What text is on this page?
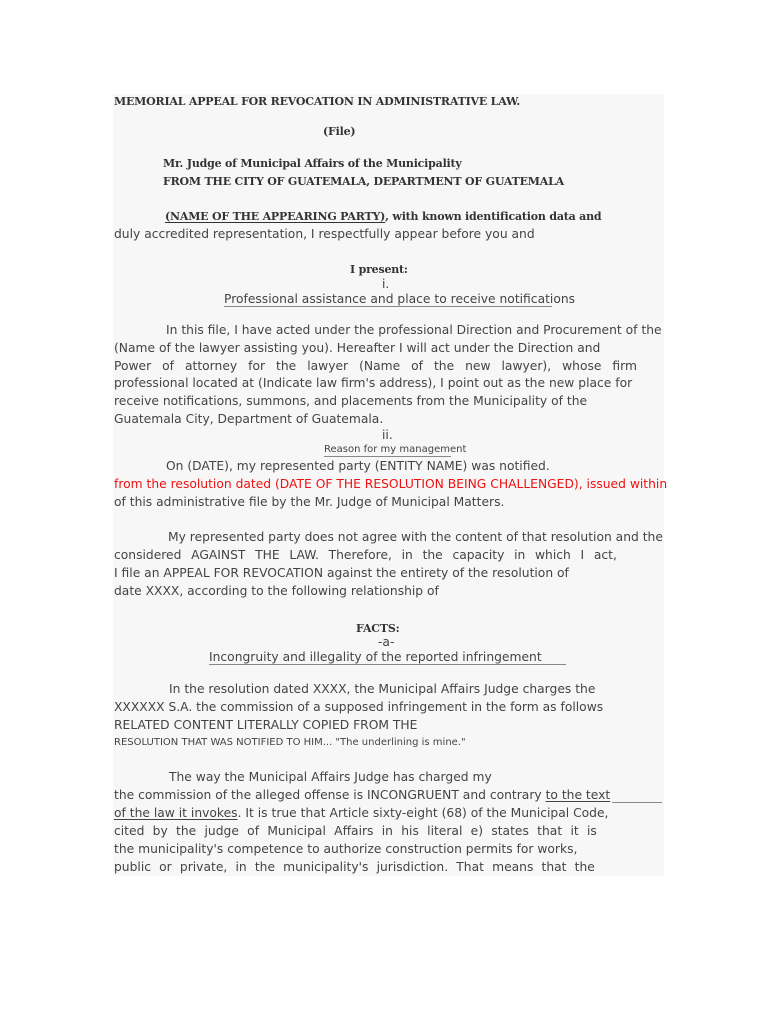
MEMORIAL APPEAL FOR REVOCATION IN ADMINISTRATIVE LAW.
(File)
Mr. Judge of Municipal Affairs of the Municipality
FROM THE CITY OF GUATEMALA, DEPARTMENT OF GUATEMALA
(NAME OF THE APPEARING PARTY), with known identification data and
duly accredited representation, I respectfully appear before you and
I present:
i.
Professional assistance and place to receive notifications
In this file, I have acted under the professional Direction and Procurement of the
(Name of the lawyer assisting you). Hereafter I will act under the Direction and
Power of attorney for the lawyer (Name of the new lawyer), whose firm
professional located at (Indicate law firm's address), I point out as the new place for
receive notifications, summons, and placements from the Municipality of the
Guatemala City, Department of Guatemala.
ii.
Reason for my management
On (DATE), my represented party (ENTITY NAME) was notified.
from the resolution dated (DATE OF THE RESOLUTION BEING CHALLENGED), issued within
of this administrative file by the Mr. Judge of Municipal Matters.
My represented party does not agree with the content of that resolution and the
considered AGAINST THE LAW. Therefore, in the capacity in which I act,
I file an APPEAL FOR REVOCATION against the entirety of the resolution of
date XXXX, according to the following relationship of
FACTS:
-a-
Incongruity and illegality of the reported infringement
In the resolution dated XXXX, the Municipal Affairs Judge charges the
XXXXXX S.A. the commission of a supposed infringement in the form as follows
RELATED CONTENT LITERALLY COPIED FROM THE
RESOLUTION THAT WAS NOTIFIED TO HIM... "The underlining is mine."
The way the Municipal Affairs Judge has charged my
the commission of the alleged offense is INCONGRUENT and contrary to the text
of the law it invokes. It is true that Article sixty-eight (68) of the Municipal Code,
cited by the judge of Municipal Affairs in his literal e) states that it is
the municipality's competence to authorize construction permits for works,
public or private, in the municipality's jurisdiction. That means that the
